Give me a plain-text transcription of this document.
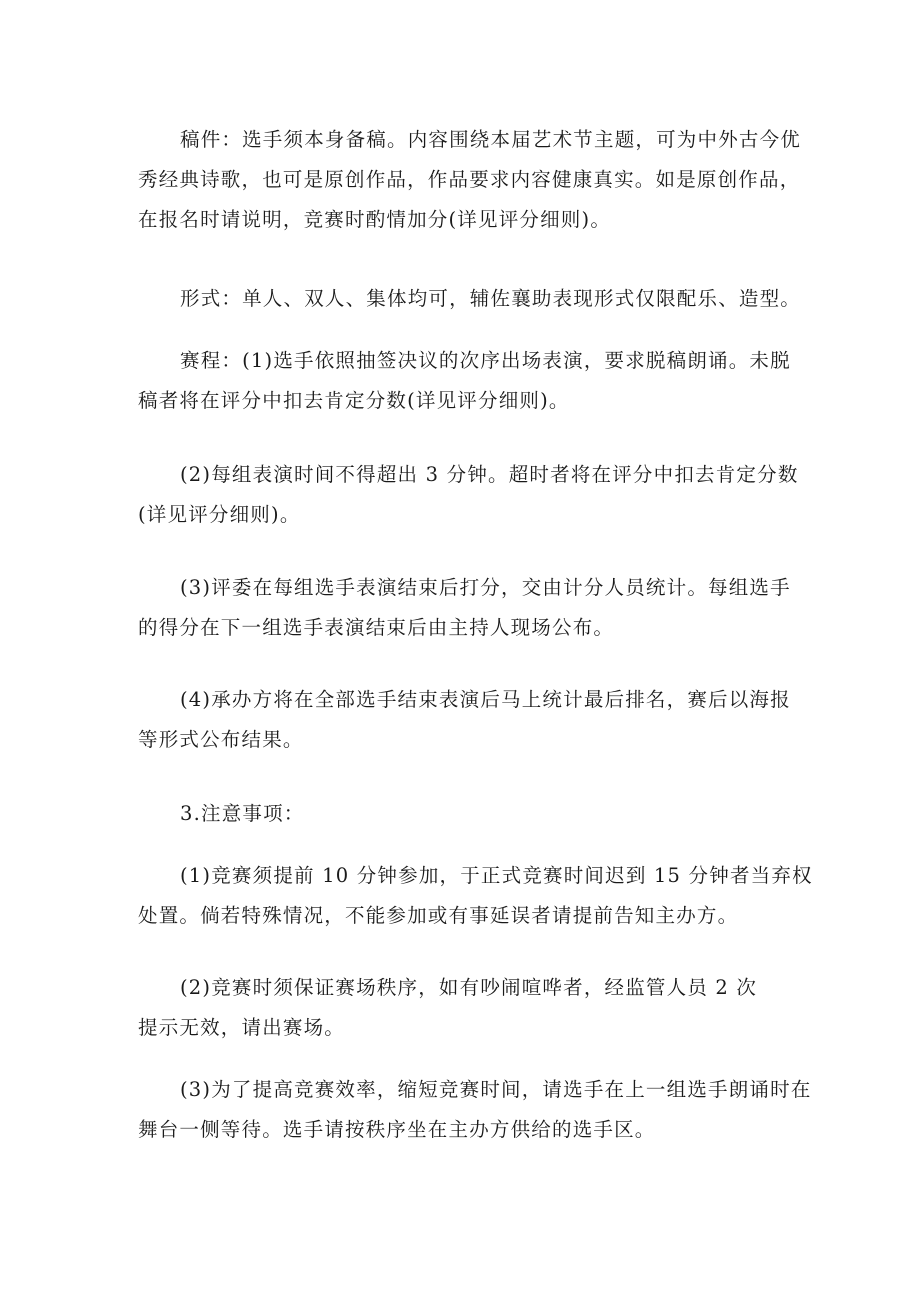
稿件：选手须本身备稿。内容围绕本届艺术节主题，可为中外古今优
秀经典诗歌，也可是原创作品，作品要求内容健康真实。如是原创作品，
在报名时请说明，竞赛时酌情加分(详见评分细则)。
形式：单人、双人、集体均可，辅佐襄助表现形式仅限配乐、造型。
赛程：(1)选手依照抽签决议的次序出场表演，要求脱稿朗诵。未脱
稿者将在评分中扣去肯定分数(详见评分细则)。
(2)每组表演时间不得超出 3 分钟。超时者将在评分中扣去肯定分数
(详见评分细则)。
(3)评委在每组选手表演结束后打分，交由计分人员统计。每组选手
的得分在下一组选手表演结束后由主持人现场公布。
(4)承办方将在全部选手结束表演后马上统计最后排名，赛后以海报
等形式公布结果。
3.注意事项：
(1)竞赛须提前 10 分钟参加，于正式竞赛时间迟到 15 分钟者当弃权
处置。倘若特殊情况，不能参加或有事延误者请提前告知主办方。
(2)竞赛时须保证赛场秩序，如有吵闹喧哗者，经监管人员 2 次
提示无效，请出赛场。
(3)为了提高竞赛效率，缩短竞赛时间，请选手在上一组选手朗诵时在
舞台一侧等待。选手请按秩序坐在主办方供给的选手区。
